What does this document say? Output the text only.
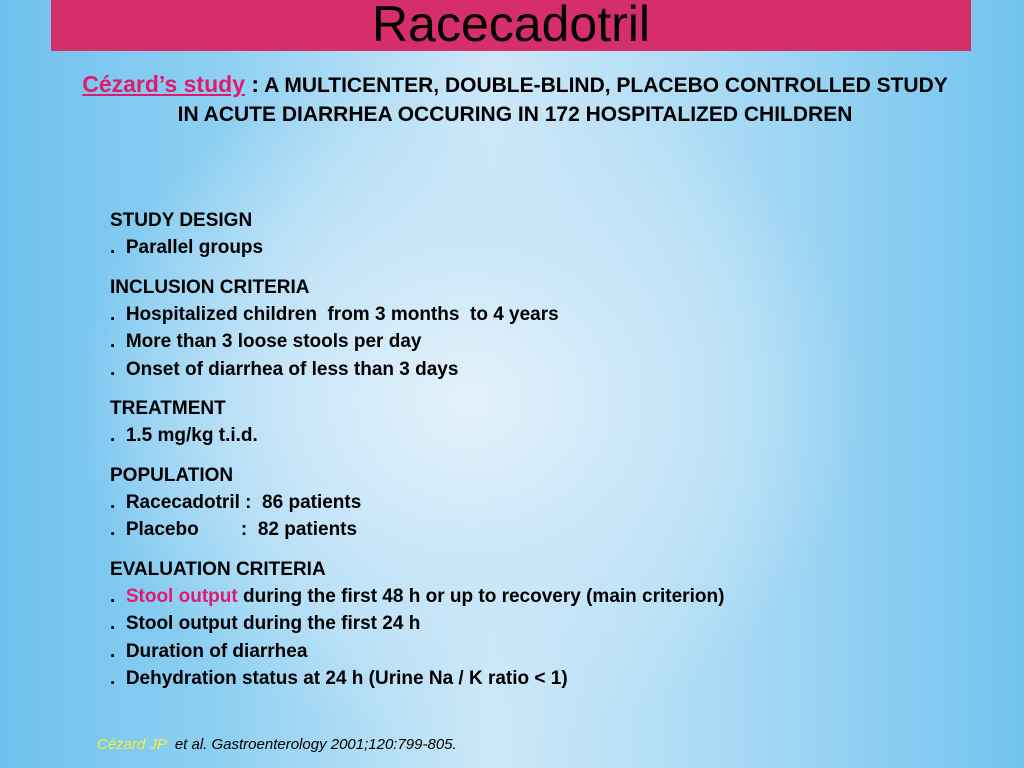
Racecadotril
Cézard’s study : A MULTICENTER, DOUBLE-BLIND, PLACEBO CONTROLLED STUDY IN ACUTE DIARRHEA OCCURING IN 172 HOSPITALIZED CHILDREN
STUDY DESIGN
.  Parallel groups
INCLUSION CRITERIA
.  Hospitalized children  from 3 months  to 4 years
.  More than 3 loose stools per day
.  Onset of diarrhea of less than 3 days
TREATMENT
.  1.5 mg/kg t.i.d.
POPULATION
.  Racecadotril :  86 patients
.  Placebo        :  82 patients
EVALUATION CRITERIA
.  Stool output during the first 48 h or up to recovery (main criterion)
.  Stool output during the first 24 h
.  Duration of diarrhea
.  Dehydration status at 24 h (Urine Na / K ratio < 1)
Cézard JP  et al. Gastroenterology 2001;120:799-805.
